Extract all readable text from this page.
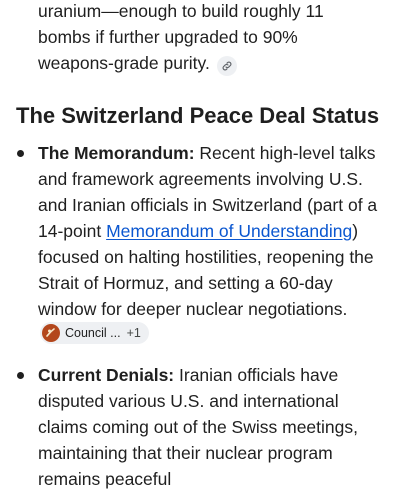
uranium—enough to build roughly 11 bombs if further upgraded to 90% weapons-grade purity.

The Switzerland Peace Deal Status
The Memorandum: Recent high-level talks and framework agreements involving U.S. and Iranian officials in Switzerland (part of a 14-point Memorandum of Understanding) focused on halting hostilities, reopening the Strait of Hormuz, and setting a 60-day window for deeper nuclear negotiations.
Council ... +1
Current Denials: Iranian officials have disputed various U.S. and international claims coming out of the Swiss meetings, maintaining that their nuclear program remains peaceful
